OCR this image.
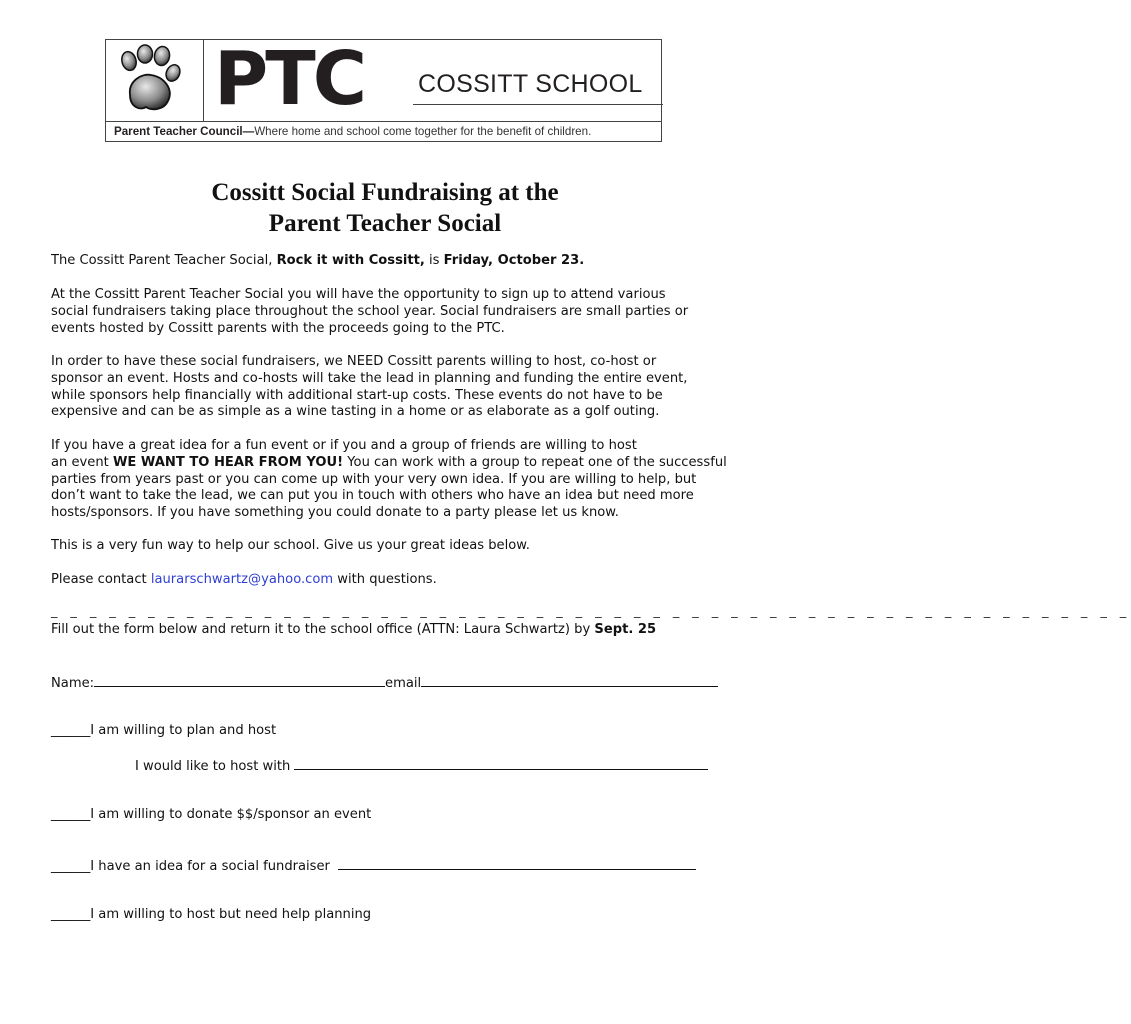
PTC COSSITT SCHOOL
Parent Teacher Council—Where home and school come together for the benefit of children.
Cossitt Social Fundraising at the
Parent Teacher Social

The Cossitt Parent Teacher Social, Rock it with Cossitt, is Friday, October 23.

At the Cossitt Parent Teacher Social you will have the opportunity to sign up to attend various
social fundraisers taking place throughout the school year. Social fundraisers are small parties or
events hosted by Cossitt parents with the proceeds going to the PTC.

In order to have these social fundraisers, we NEED Cossitt parents willing to host, co-host or
sponsor an event. Hosts and co-hosts will take the lead in planning and funding the entire event,
while sponsors help financially with additional start-up costs. These events do not have to be
expensive and can be as simple as a wine tasting in a home or as elaborate as a golf outing.

If you have a great idea for a fun event or if you and a group of friends are willing to host
an event WE WANT TO HEAR FROM YOU! You can work with a group to repeat one of the successful
parties from years past or you can come up with your very own idea. If you are willing to help, but
don’t want to take the lead, we can put you in touch with others who have an idea but need more
hosts/sponsors. If you have something you could donate to a party please let us know.

This is a very fun way to help our school. Give us your great ideas below.

Please contact laurarschwartz@yahoo.com with questions.

_ _ _ _ _ _ _ _ _ _ _ _ _ _ _ _ _ _ _ _ _ _ _ _ _ _ _ _ _ _ _ _ _ _ _ _ _ _ _ _ _ _ _ _ _ _ _ _ _ _ _ _ _ _ _ _

Fill out the form below and return it to the school office (ATTN: Laura Schwartz) by Sept. 25

Name:	email

______I am willing to plan and host

I would like to host with

______I am willing to donate $$/sponsor an event

______I have an idea for a social fundraiser

______I am willing to host but need help planning
